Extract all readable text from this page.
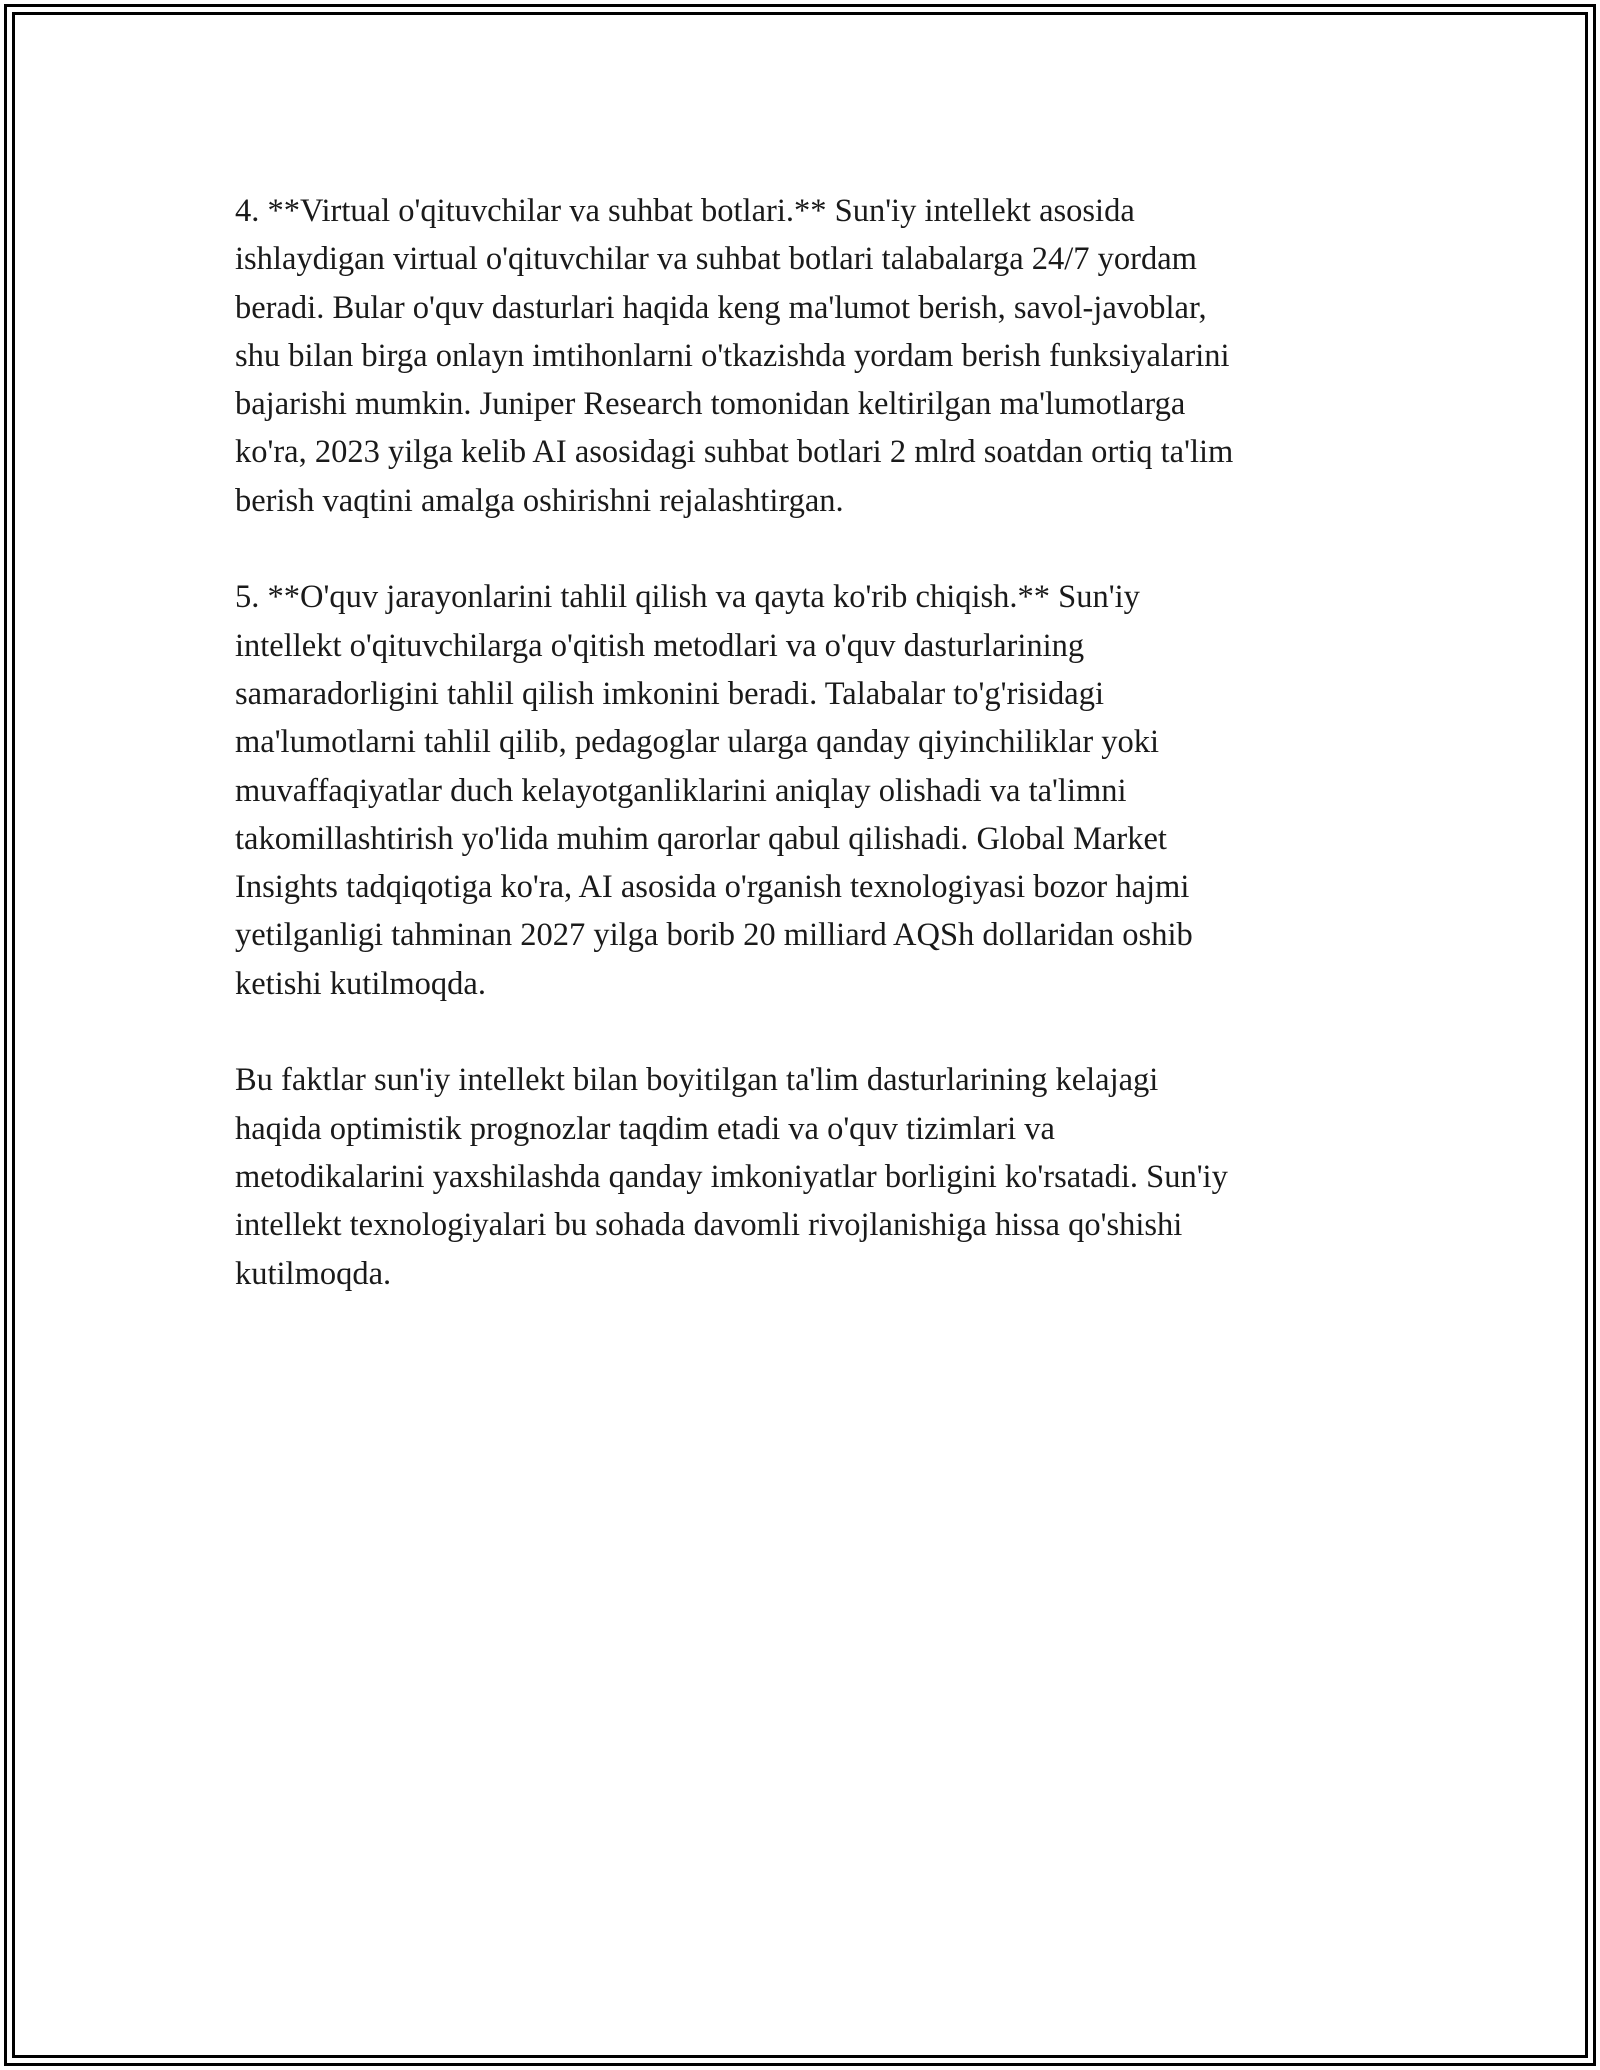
4. **Virtual o'qituvchilar va suhbat botlari.** Sun'iy intellekt asosida
ishlaydigan virtual o'qituvchilar va suhbat botlari talabalarga 24/7 yordam
beradi. Bular o'quv dasturlari haqida keng ma'lumot berish, savol-javoblar,
shu bilan birga onlayn imtihonlarni o'tkazishda yordam berish funksiyalarini
bajarishi mumkin. Juniper Research tomonidan keltirilgan ma'lumotlarga
ko'ra, 2023 yilga kelib AI asosidagi suhbat botlari 2 mlrd soatdan ortiq ta'lim
berish vaqtini amalga oshirishni rejalashtirgan.

5. **O'quv jarayonlarini tahlil qilish va qayta ko'rib chiqish.** Sun'iy
intellekt o'qituvchilarga o'qitish metodlari va o'quv dasturlarining
samaradorligini tahlil qilish imkonini beradi. Talabalar to'g'risidagi
ma'lumotlarni tahlil qilib, pedagoglar ularga qanday qiyinchiliklar yoki
muvaffaqiyatlar duch kelayotganliklarini aniqlay olishadi va ta'limni
takomillashtirish yo'lida muhim qarorlar qabul qilishadi. Global Market
Insights tadqiqotiga ko'ra, AI asosida o'rganish texnologiyasi bozor hajmi
yetilganligi tahminan 2027 yilga borib 20 milliard AQSh dollaridan oshib
ketishi kutilmoqda.

Bu faktlar sun'iy intellekt bilan boyitilgan ta'lim dasturlarining kelajagi
haqida optimistik prognozlar taqdim etadi va o'quv tizimlari va
metodikalarini yaxshilashda qanday imkoniyatlar borligini ko'rsatadi. Sun'iy
intellekt texnologiyalari bu sohada davomli rivojlanishiga hissa qo'shishi
kutilmoqda.
